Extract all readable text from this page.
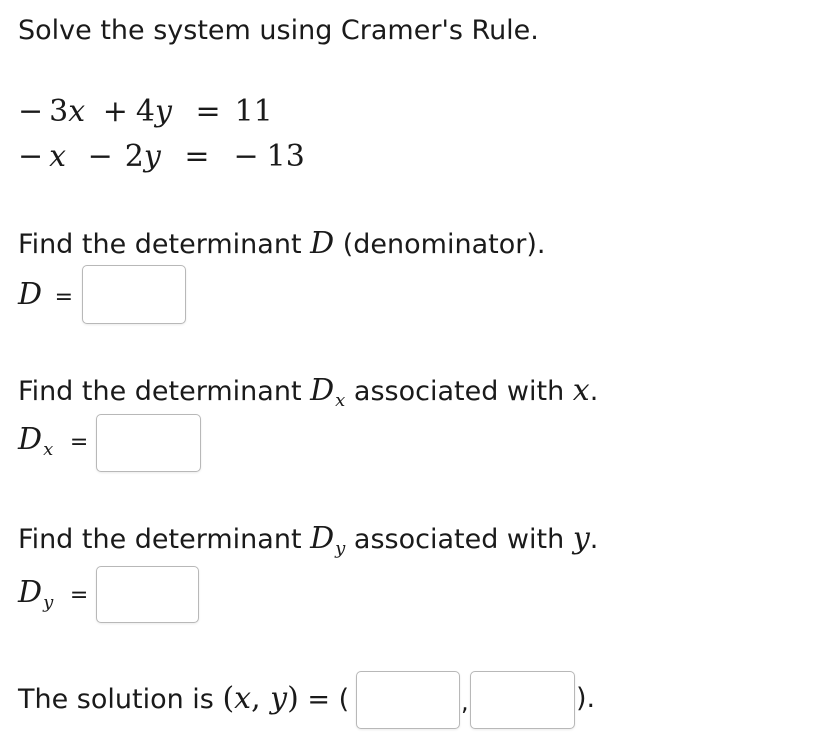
Solve the system using Cramer's Rule.
− 3x + 4y = 11
− x − 2y = − 13
Find the determinant D (denominator).
D =
Find the determinant $D_x$ associated with x.
$D_x$ =
Find the determinant $D_y$ associated with y.
$D_y$ =
The solution is (x, y) = (	,	).
